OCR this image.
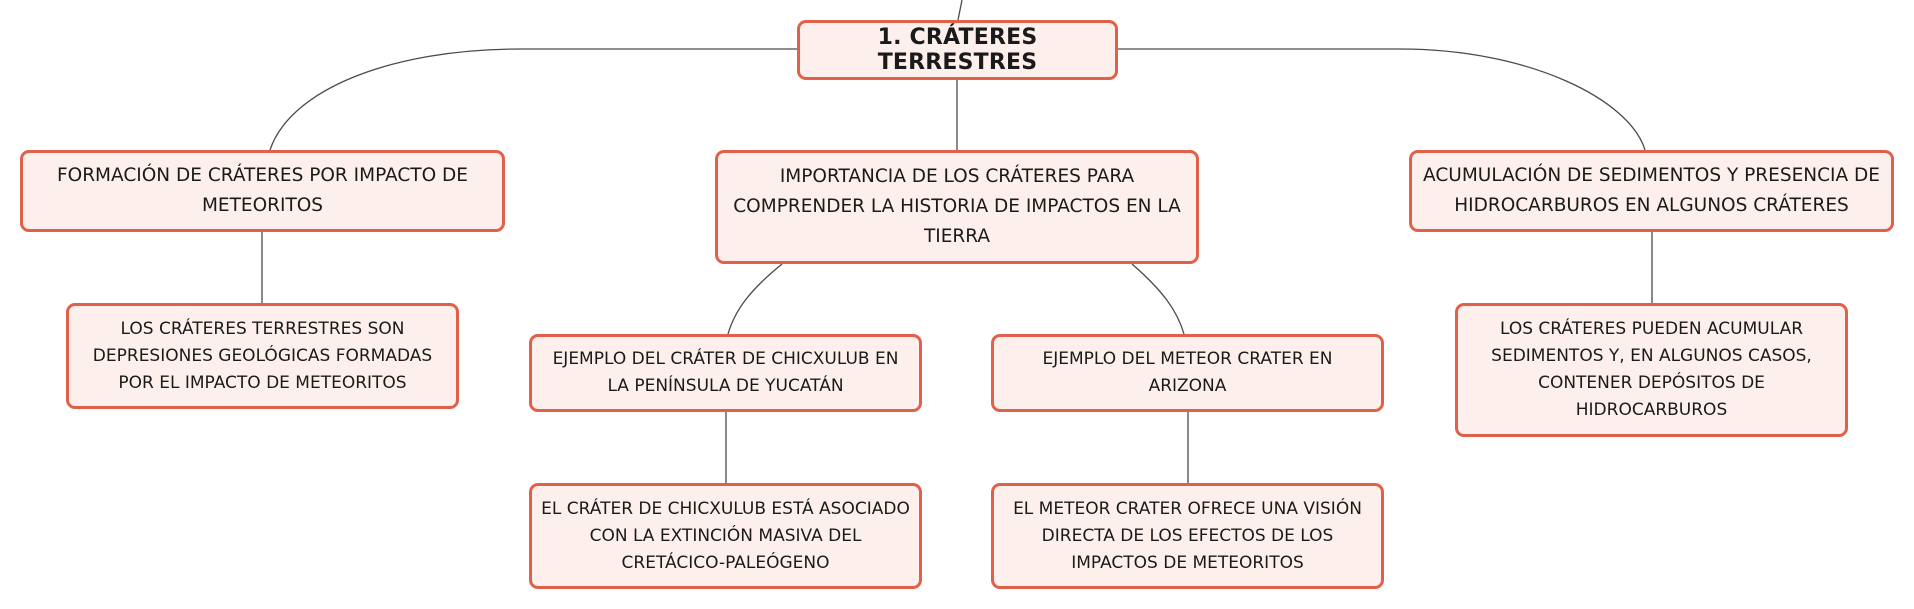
1. CRÁTERES TERRESTRES
FORMACIÓN DE CRÁTERES POR IMPACTO DE METEORITOS
IMPORTANCIA DE LOS CRÁTERES PARA COMPRENDER LA HISTORIA DE IMPACTOS EN LA TIERRA
ACUMULACIÓN DE SEDIMENTOS Y PRESENCIA DE HIDROCARBUROS EN ALGUNOS CRÁTERES
LOS CRÁTERES TERRESTRES SON DEPRESIONES GEOLÓGICAS FORMADAS POR EL IMPACTO DE METEORITOS
EJEMPLO DEL CRÁTER DE CHICXULUB EN LA PENÍNSULA DE YUCATÁN
EJEMPLO DEL METEOR CRATER EN ARIZONA
LOS CRÁTERES PUEDEN ACUMULAR SEDIMENTOS Y, EN ALGUNOS CASOS, CONTENER DEPÓSITOS DE HIDROCARBUROS
EL CRÁTER DE CHICXULUB ESTÁ ASOCIADO CON LA EXTINCIÓN MASIVA DEL CRETÁCICO-PALEÓGENO
EL METEOR CRATER OFRECE UNA VISIÓN DIRECTA DE LOS EFECTOS DE LOS IMPACTOS DE METEORITOS
